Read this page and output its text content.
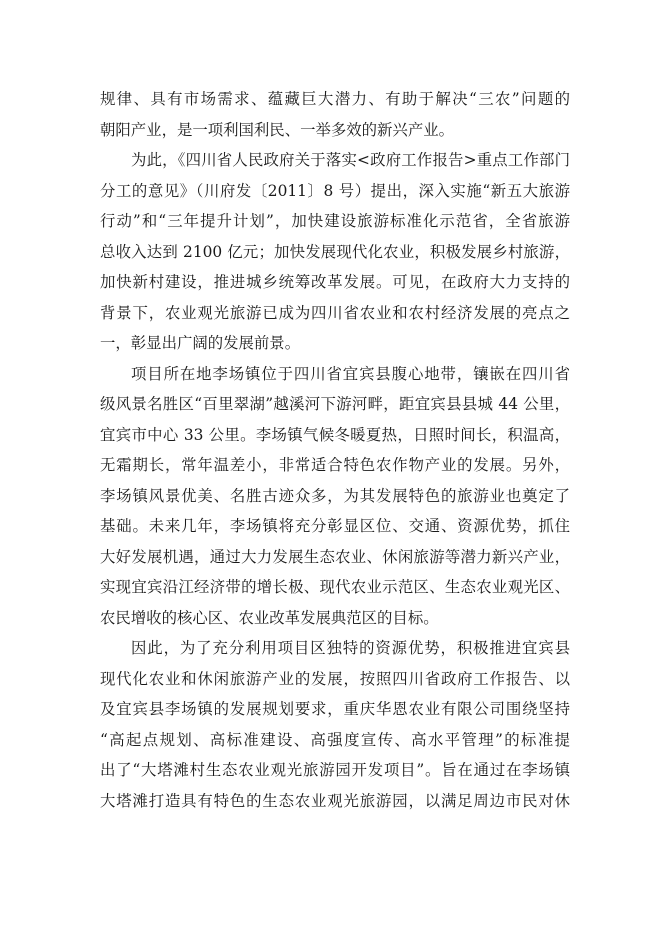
规律、具有市场需求、蕴藏巨大潜力、有助于解决“三农”问题的
朝阳产业，是一项利国利民、一举多效的新兴产业。
为此，《四川省人民政府关于落实<政府工作报告>重点工作部门
分工的意见》（川府发〔2011〕8 号）提出，深入实施“新五大旅游
行动”和“三年提升计划”，加快建设旅游标准化示范省，全省旅游
总收入达到 2100 亿元；加快发展现代化农业，积极发展乡村旅游，
加快新村建设，推进城乡统筹改革发展。可见，在政府大力支持的
背景下，农业观光旅游已成为四川省农业和农村经济发展的亮点之
一，彰显出广阔的发展前景。
项目所在地李场镇位于四川省宜宾县腹心地带，镶嵌在四川省
级风景名胜区“百里翠湖”越溪河下游河畔，距宜宾县县城 44 公里，
宜宾市中心 33 公里。李场镇气候冬暖夏热，日照时间长，积温高，
无霜期长，常年温差小，非常适合特色农作物产业的发展。另外，
李场镇风景优美、名胜古迹众多，为其发展特色的旅游业也奠定了
基础。未来几年，李场镇将充分彰显区位、交通、资源优势，抓住
大好发展机遇，通过大力发展生态农业、休闲旅游等潜力新兴产业，
实现宜宾沿江经济带的增长极、现代农业示范区、生态农业观光区、
农民增收的核心区、农业改革发展典范区的目标。
因此，为了充分利用项目区独特的资源优势，积极推进宜宾县
现代化农业和休闲旅游产业的发展，按照四川省政府工作报告、以
及宜宾县李场镇的发展规划要求，重庆华恩农业有限公司围绕坚持
“高起点规划、高标准建设、高强度宣传、高水平管理”的标准提
出了“大塔滩村生态农业观光旅游园开发项目”。旨在通过在李场镇
大塔滩打造具有特色的生态农业观光旅游园，以满足周边市民对休
